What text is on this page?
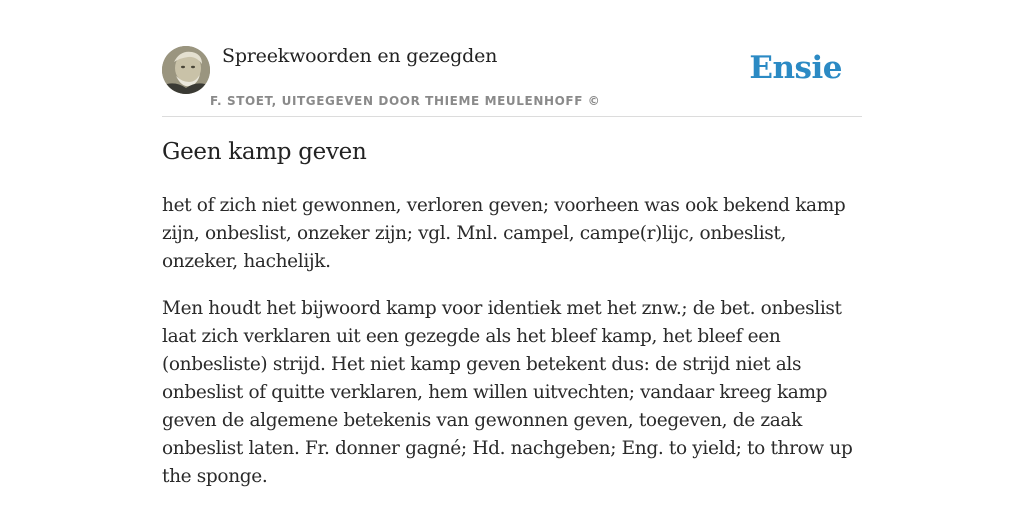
Spreekwoorden en gezegden
F. STOET, UITGEGEVEN DOOR THIEME MEULENHOFF ©
Ensie
Geen kamp geven

het of zich niet gewonnen, verloren geven; voorheen was ook bekend kamp zijn, onbeslist, onzeker zijn; vgl. Mnl. campel, campe(r)lijc, onbeslist, onzeker, hachelijk.

Men houdt het bijwoord kamp voor identiek met het znw.; de bet. onbeslist laat zich verklaren uit een gezegde als het bleef kamp, het bleef een (onbesliste) strijd. Het niet kamp geven betekent dus: de strijd niet als onbeslist of quitte verklaren, hem willen uitvechten; vandaar kreeg kamp geven de algemene betekenis van gewonnen geven, toegeven, de zaak onbeslist laten. Fr. donner gagné; Hd. nachgeben; Eng. to yield; to throw up the sponge.
